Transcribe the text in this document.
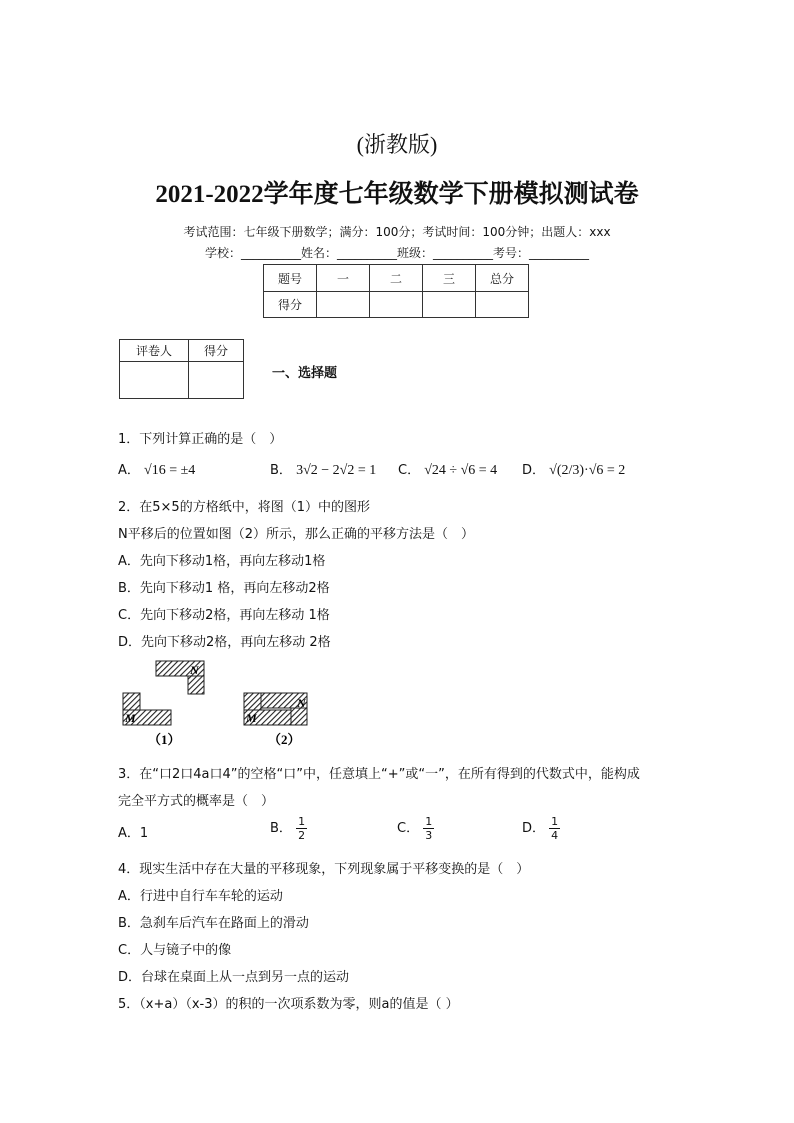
(浙教版)
2021-2022学年度七年级数学下册模拟测试卷
考试范围：七年级下册数学；满分：100分；考试时间：100分钟；出题人：xxx
学校：__________姓名：__________班级：__________考号：__________
题号	一	二	三	总分
得分				
评卷人	得分

一、选择题
1．下列计算正确的是（　）
A． √16 = ±4	B． 3√2 − 2√2 = 1 C． √24 ÷ √6 = 4 D． √(2/3)·√6 = 2
2．在5×5的方格纸中，将图（1）中的图形
N平移后的位置如图（2）所示，那么正确的平移方法是（　）
A．先向下移动1格，再向左移动1格
B．先向下移动1 格，再向左移动2格
C．先向下移动2格，再向左移动 1格
D．先向下移动2格，再向左移动 2格
N
M
（1）
N
M
（2）
3．在“口2口4a口4”的空格“口”中，任意填上“+”或“一”，在所有得到的代数式中，能构成
完全平方式的概率是（　）
A．1	B． $\frac{1}{2}$	C． $\frac{1}{3}$	D． $\frac{1}{4}$
4．现实生活中存在大量的平移现象，下列现象属于平移变换的是（　）
A．行进中自行车车轮的运动
B．急刹车后汽车在路面上的滑动
C．人与镜子中的像
D．台球在桌面上从一点到另一点的运动
5．（x+a）（x-3）的积的一次项系数为零，则a的值是（ ）
